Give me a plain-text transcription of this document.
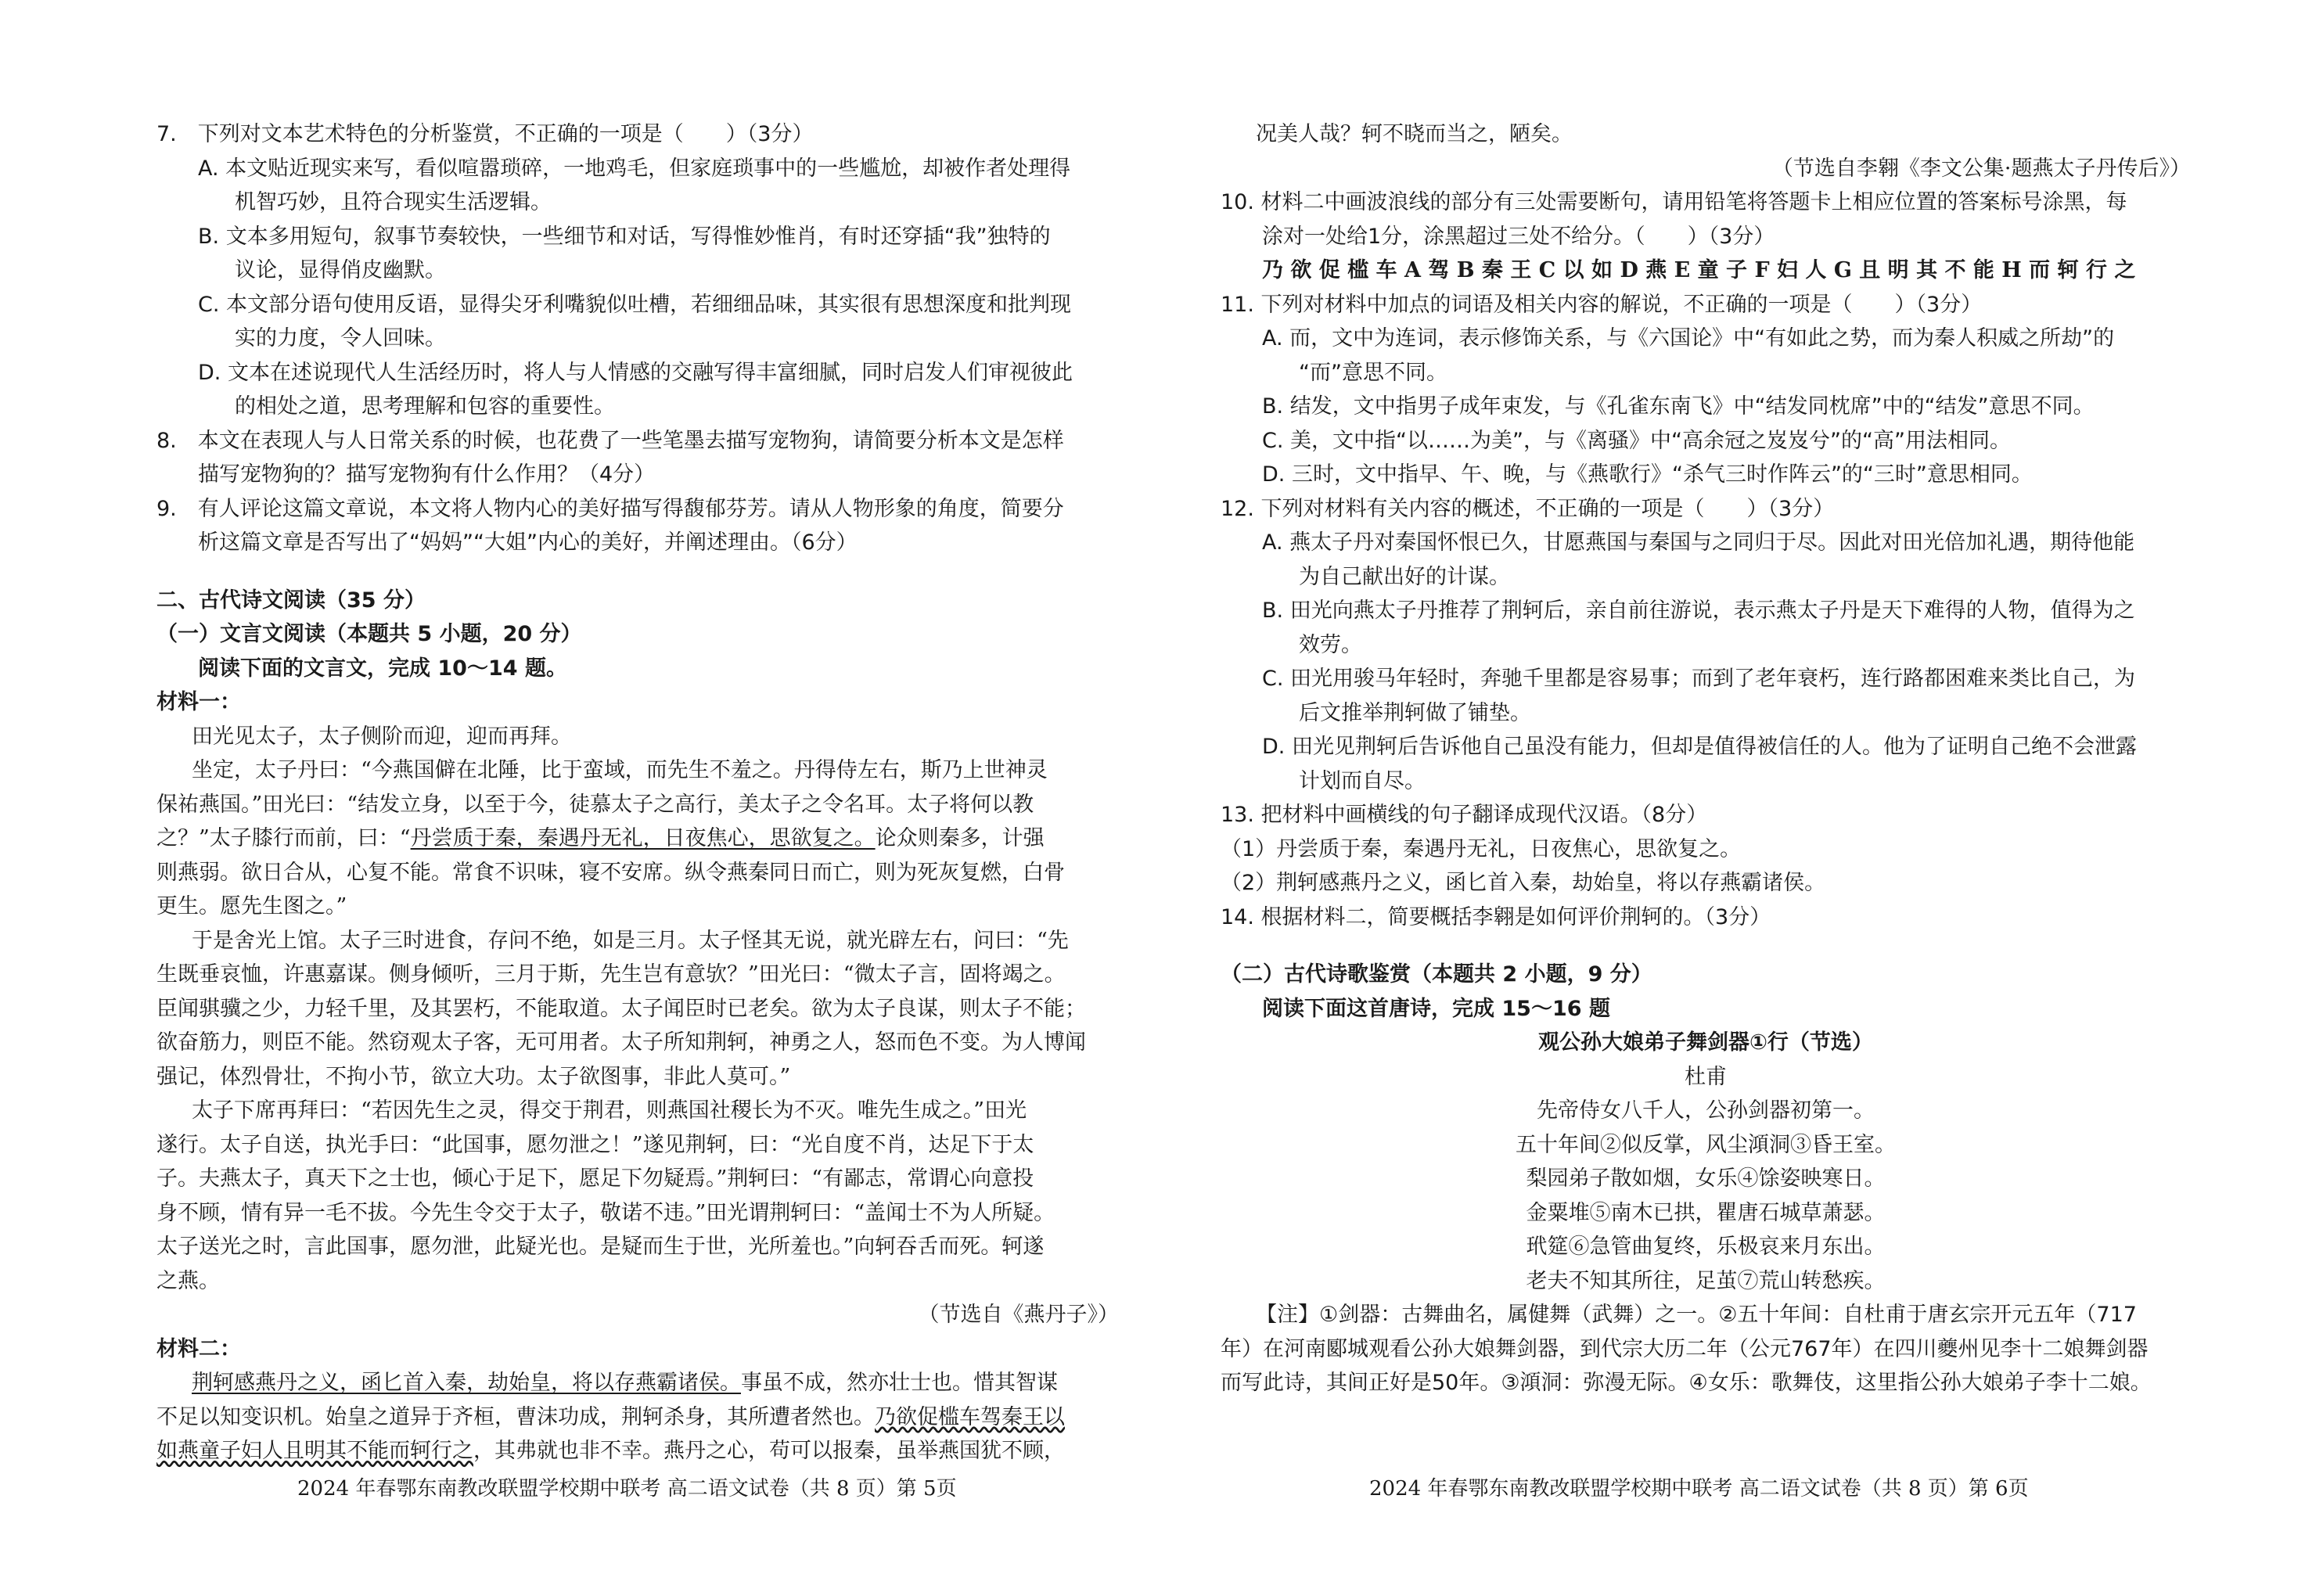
7.　下列对文本艺术特色的分析鉴赏，不正确的一项是（　　）（3分）

A. 本文贴近现实来写，看似喧嚣琐碎，一地鸡毛，但家庭琐事中的一些尴尬，却被作者处理得

机智巧妙，且符合现实生活逻辑。

B. 文本多用短句，叙事节奏较快，一些细节和对话，写得惟妙惟肖，有时还穿插“我”独特的

议论，显得俏皮幽默。

C. 本文部分语句使用反语，显得尖牙利嘴貌似吐槽，若细细品味，其实很有思想深度和批判现

实的力度，令人回味。

D. 文本在述说现代人生活经历时，将人与人情感的交融写得丰富细腻，同时启发人们审视彼此

的相处之道，思考理解和包容的重要性。

8.　本文在表现人与人日常关系的时候，也花费了一些笔墨去描写宠物狗，请简要分析本文是怎样

描写宠物狗的？描写宠物狗有什么作用？（4分）

9.　有人评论这篇文章说，本文将人物内心的美好描写得馥郁芬芳。请从人物形象的角度，简要分

析这篇文章是否写出了“妈妈”“大姐”内心的美好，并阐述理由。（6分）

二、古代诗文阅读（35 分）

（一）文言文阅读（本题共 5 小题，20 分）

阅读下面的文言文，完成 10～14 题。

材料一：

田光见太子，太子侧阶而迎，迎而再拜。

坐定，太子丹曰：“今燕国僻在北陲，比于蛮域，而先生不羞之。丹得侍左右，斯乃上世神灵

保祐燕国。”田光曰：“结发立身，以至于今，徒慕太子之高行，美太子之令名耳。太子将何以教

之？”太子膝行而前，曰：“丹尝质于秦，秦遇丹无礼，日夜焦心，思欲复之。论众则秦多，计强

则燕弱。欲日合从，心复不能。常食不识味，寝不安席。纵令燕秦同日而亡，则为死灰复燃，白骨

更生。愿先生图之。”

于是舍光上馆。太子三时进食，存问不绝，如是三月。太子怪其无说，就光辟左右，问曰：“先

生既垂哀恤，许惠嘉谋。侧身倾听，三月于斯，先生岂有意欤？”田光曰：“微太子言，固将竭之。

臣闻骐骥之少，力轻千里，及其罢朽，不能取道。太子闻臣时已老矣。欲为太子良谋，则太子不能；

欲奋筋力，则臣不能。然窃观太子客，无可用者。太子所知荆轲，神勇之人，怒而色不变。为人博闻

强记，体烈骨壮，不拘小节，欲立大功。太子欲图事，非此人莫可。”

太子下席再拜曰：“若因先生之灵，得交于荆君，则燕国社稷长为不灭。唯先生成之。”田光

遂行。太子自送，执光手曰：“此国事，愿勿泄之！”遂见荆轲，曰：“光自度不肖，达足下于太

子。夫燕太子，真天下之士也，倾心于足下，愿足下勿疑焉。”荆轲曰：“有鄙志，常谓心向意投

身不顾，情有异一毛不拔。今先生令交于太子，敬诺不违。”田光谓荆轲曰：“盖闻士不为人所疑。

太子送光之时，言此国事，愿勿泄，此疑光也。是疑而生于世，光所羞也。”向轲吞舌而死。轲遂

之燕。

（节选自《燕丹子》）

材料二：

荆轲感燕丹之义，函匕首入秦，劫始皇，将以存燕霸诸侯。事虽不成，然亦壮士也。惜其智谋

不足以知变识机。始皇之道异于齐桓，曹沫功成，荆轲杀身，其所遭者然也。乃欲促槛车驾秦王以

如燕童子妇人且明其不能而轲行之，其弗就也非不幸。燕丹之心，苟可以报秦，虽举燕国犹不顾，

况美人哉？轲不晓而当之，陋矣。

（节选自李翱《李文公集·题燕太子丹传后》）

10. 材料二中画波浪线的部分有三处需要断句，请用铅笔将答题卡上相应位置的答案标号涂黑，每

涂对一处给1分，涂黑超过三处不给分。（　　）（3分）

乃 欲 促 槛 车 A 驾 B 秦 王 C 以 如 D 燕 E 童 子 F 妇 人 G 且 明 其 不 能 H 而 轲 行 之

11. 下列对材料中加点的词语及相关内容的解说，不正确的一项是（　　）（3分）

A. 而，文中为连词，表示修饰关系，与《六国论》中“有如此之势，而为秦人积威之所劫”的

“而”意思不同。

B. 结发，文中指男子成年束发，与《孔雀东南飞》中“结发同枕席”中的“结发”意思不同。

C. 美，文中指“以……为美”，与《离骚》中“高余冠之岌岌兮”的“高”用法相同。

D. 三时，文中指早、午、晚，与《燕歌行》“杀气三时作阵云”的“三时”意思相同。

12. 下列对材料有关内容的概述，不正确的一项是（　　）（3分）

A. 燕太子丹对秦国怀恨已久，甘愿燕国与秦国与之同归于尽。因此对田光倍加礼遇，期待他能

为自己献出好的计谋。

B. 田光向燕太子丹推荐了荆轲后，亲自前往游说，表示燕太子丹是天下难得的人物，值得为之

效劳。

C. 田光用骏马年轻时，奔驰千里都是容易事；而到了老年衰朽，连行路都困难来类比自己，为

后文推举荆轲做了铺垫。

D. 田光见荆轲后告诉他自己虽没有能力，但却是值得被信任的人。他为了证明自己绝不会泄露

计划而自尽。

13. 把材料中画横线的句子翻译成现代汉语。（8分）

（1）丹尝质于秦，秦遇丹无礼，日夜焦心，思欲复之。

（2）荆轲感燕丹之义，函匕首入秦，劫始皇，将以存燕霸诸侯。

14. 根据材料二，简要概括李翱是如何评价荆轲的。（3分）

（二）古代诗歌鉴赏（本题共 2 小题，9 分）

阅读下面这首唐诗，完成 15～16 题

观公孙大娘弟子舞剑器①行（节选）

杜甫

先帝侍女八千人，公孙剑器初第一。

五十年间②似反掌，风尘澒洞③昏王室。

梨园弟子散如烟，女乐④馀姿映寒日。

金粟堆⑤南木已拱，瞿唐石城草萧瑟。

玳筵⑥急管曲复终，乐极哀来月东出。

老夫不知其所往，足茧⑦荒山转愁疾。

【注】①剑器：古舞曲名，属健舞（武舞）之一。②五十年间：自杜甫于唐玄宗开元五年（717

年）在河南郾城观看公孙大娘舞剑器，到代宗大历二年（公元767年）在四川夔州见李十二娘舞剑器

而写此诗，其间正好是50年。③澒洞：弥漫无际。④女乐：歌舞伎，这里指公孙大娘弟子李十二娘。

2024 年春鄂东南教改联盟学校期中联考 高二语文试卷（共 8 页）第 5页	2024 年春鄂东南教改联盟学校期中联考 高二语文试卷（共 8 页）第 6页
